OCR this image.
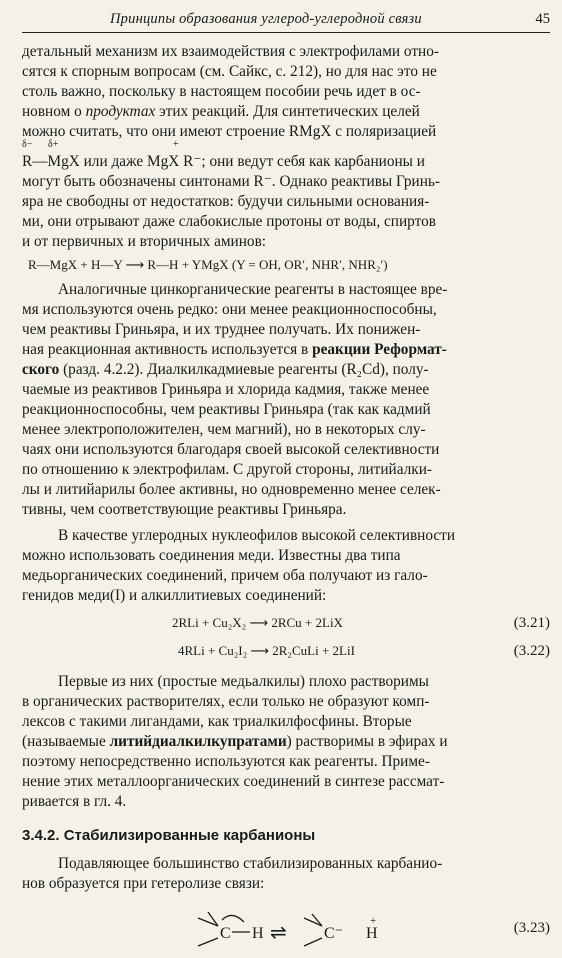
Принципы образования углерод-углеродной связи	45

детальный механизм их взаимодействия с электрофилами отно-

сятся к спорным вопросам (см. Сайкс, с. 212), но для нас это не

столь важно, поскольку в настоящем пособии речь идет в ос-

новном о продуктах этих реакций. Для синтетических целей

можно считать, что они имеют строение RMgX с поляризацией

δ− δ+	+

R—MgX или даже MgX R⁻; они ведут себя как карбанионы и

могут быть обозначены синтонами R⁻. Однако реактивы Гринь-

яра не свободны от недостатков: будучи сильными основания-

ми, они отрывают даже слабокислые протоны от воды, спиртов

и от первичных и вторичных аминов:

R—MgX + H—Y ⟶ R—H + YMgX (Y = OH, OR′, NHR′, NHR₂′)

Аналогичные цинкорганические реагенты в настоящее вре-

мя используются очень редко: они менее реакционноспособны,

чем реактивы Гриньяра, и их труднее получать. Их понижен-

ная реакционная активность используется в реакции Реформат-

ского (разд. 4.2.2). Диалкилкадмиевые реагенты (R₂Cd), полу-

чаемые из реактивов Гриньяра и хлорида кадмия, также менее

реакционноспособны, чем реактивы Гриньяра (так как кадмий

менее электроположителен, чем магний), но в некоторых слу-

чаях они используются благодаря своей высокой селективности

по отношению к электрофилам. С другой стороны, литийалки-

лы и литийарилы более активны, но одновременно менее селек-

тивны, чем соответствующие реактивы Гриньяра.

В качестве углеродных нуклеофилов высокой селективности

можно использовать соединения меди. Известны два типа

медьорганических соединений, причем оба получают из гало-

генидов меди(I) и алкиллитиевых соединений:

2RLi + Cu₂X₂ ⟶ 2RCu + 2LiX	(3.21)
4RLi + Cu₂I₂ ⟶ 2R₂CuLi + 2LiI	(3.22)

Первые из них (простые медьалкилы) плохо растворимы

в органических растворителях, если только не образуют комп-

лексов с такими лигандами, как триалкилфосфины. Вторые

(называемые литийдиалкилкупратами) растворимы в эфирах и

поэтому непосредственно используются как реагенты. Приме-

нение этих металлоорганических соединений в синтезе рассмат-

ривается в гл. 4.

3.4.2. Стабилизированные карбанионы

Подавляющее большинство стабилизированных карбанио-

нов образуется при гетеролизе связи:

C H ⇌ C⁻ H
+	(3.23)
